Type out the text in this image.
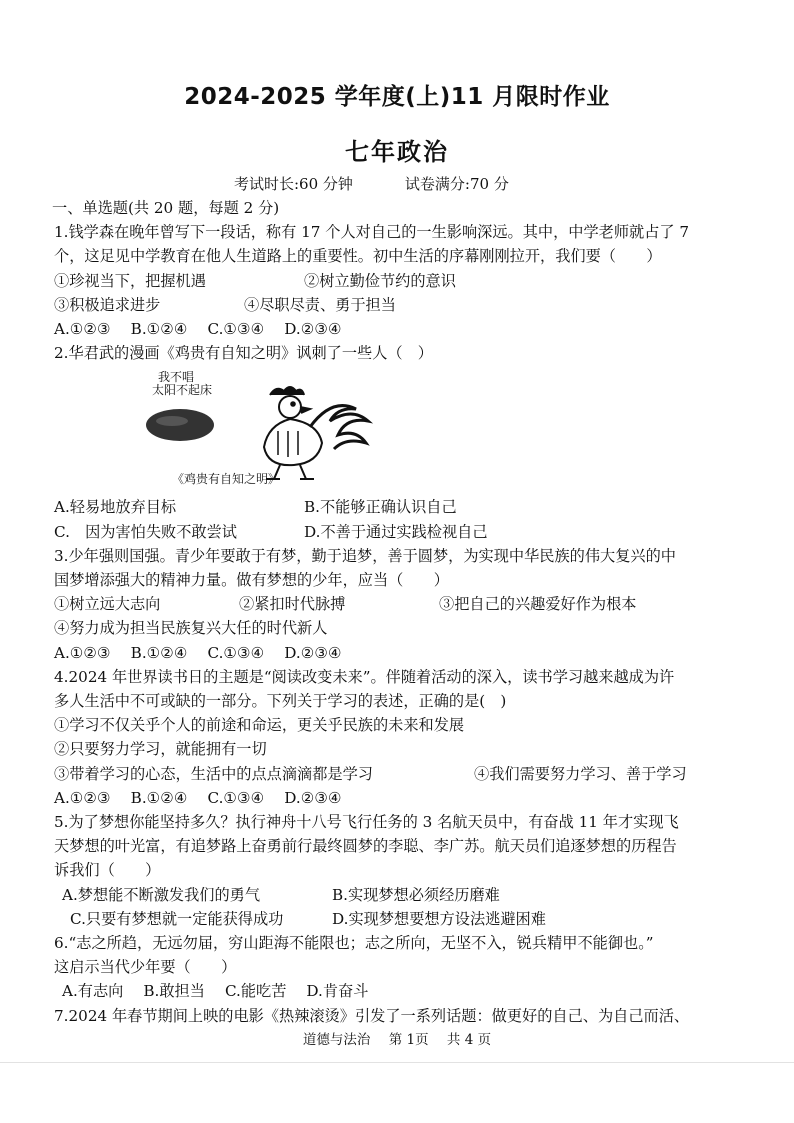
2024-2025 学年度(上)11 月限时作业
七年政治
考试时长:60 分钟	试卷满分:70 分
一、单选题(共 20 题，每题 2 分)
1.钱学森在晚年曾写下一段话，称有 17 个人对自己的一生影响深远。其中，中学老师就占了 7
个，这足见中学教育在他人生道路上的重要性。初中生活的序幕刚刚拉开，我们要（　　）
①珍视当下，把握机遇	②树立勤俭节约的意识
③积极追求进步	④尽职尽责、勇于担当
A.①②③　 B.①②④　 C.①③④　 D.②③④
2.华君武的漫画《鸡贵有自知之明》讽刺了一些人（　）
我不唱
太阳不起床
《鸡贵有自知之明》
A.轻易地放弃目标	B.不能够正确认识自己
C.　因为害怕失败不敢尝试	D.不善于通过实践检视自己
3.少年强则国强。青少年要敢于有梦，勤于追梦，善于圆梦，为实现中华民族的伟大复兴的中
国梦增添强大的精神力量。做有梦想的少年，应当（　　）
①树立远大志向	②紧扣时代脉搏	③把自己的兴趣爱好作为根本
④努力成为担当民族复兴大任的时代新人
A.①②③　 B.①②④　 C.①③④　 D.②③④
4.2024 年世界读书日的主题是“阅读改变未来”。伴随着活动的深入，读书学习越来越成为许
多人生活中不可或缺的一部分。下列关于学习的表述，正确的是(　)
①学习不仅关乎个人的前途和命运，更关乎民族的未来和发展
②只要努力学习，就能拥有一切
③带着学习的心态，生活中的点点滴滴都是学习	④我们需要努力学习、善于学习
A.①②③　 B.①②④　 C.①③④　 D.②③④
5.为了梦想你能坚持多久？执行神舟十八号飞行任务的 3 名航天员中，有奋战 11 年才实现飞
天梦想的叶光富，有追梦路上奋勇前行最终圆梦的李聪、李广苏。航天员们追逐梦想的历程告
诉我们（　　）
A.梦想能不断激发我们的勇气	B.实现梦想必须经历磨难
C.只要有梦想就一定能获得成功	D.实现梦想要想方设法逃避困难
6.“志之所趋，无远勿届，穷山距海不能限也；志之所向，无坚不入，锐兵精甲不能御也。”
这启示当代少年要（　　）
A.有志向　 B.敢担当　 C.能吃苦　 D.肯奋斗
7.2024 年春节期间上映的电影《热辣滚烫》引发了一系列话题：做更好的自己、为自己而活、
道德与法治 第 1页 共 4 页
